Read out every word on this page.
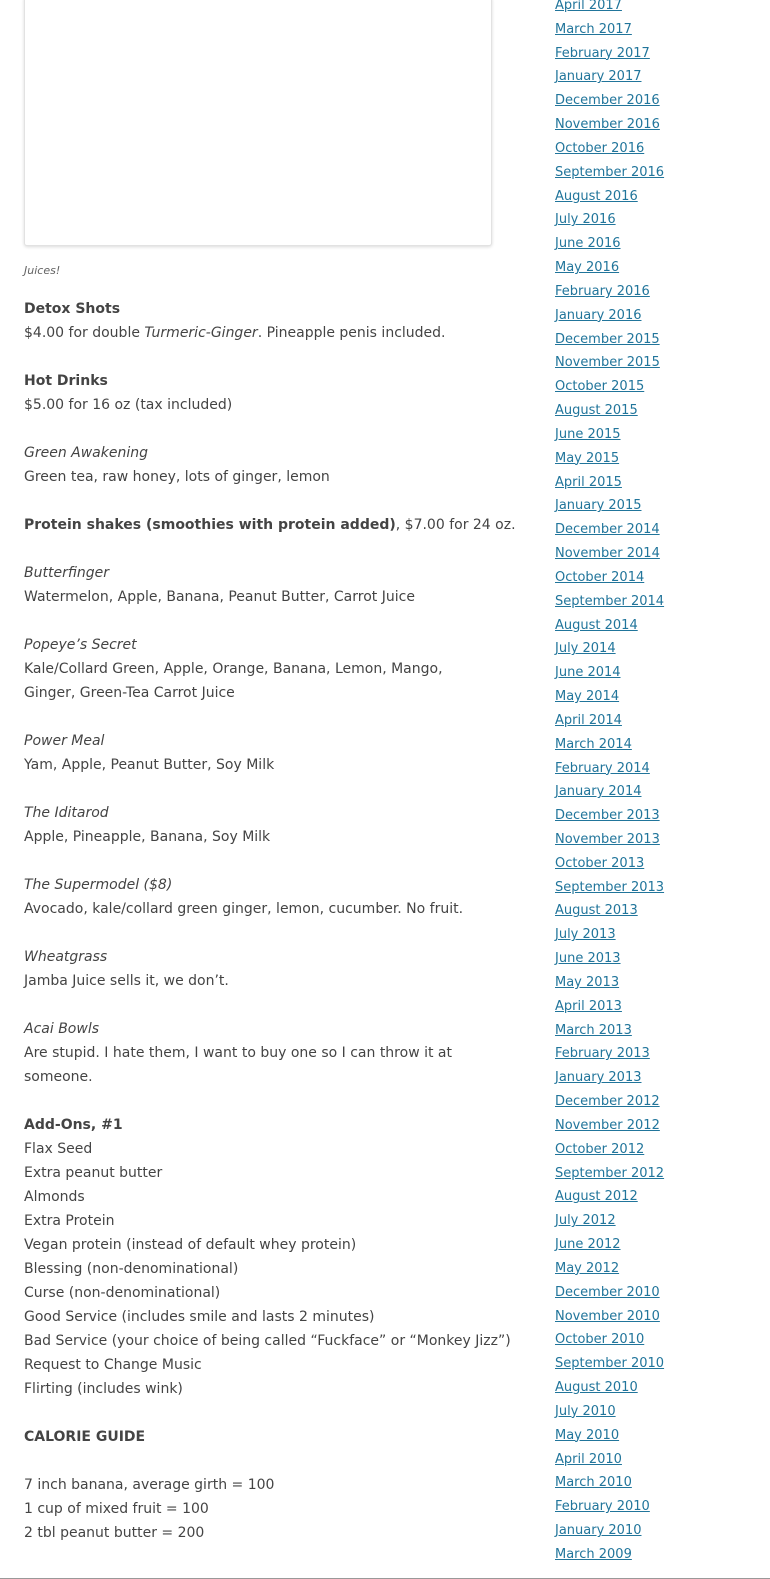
Juices!
Detox Shots
$4.00 for double Turmeric-Ginger. Pineapple penis included.
Hot Drinks
$5.00 for 16 oz (tax included)
Green Awakening
Green tea, raw honey, lots of ginger, lemon
Protein shakes (smoothies with protein added), $7.00 for 24 oz.
Butterfinger
Watermelon, Apple, Banana, Peanut Butter, Carrot Juice
Popeye’s Secret
Kale/Collard Green, Apple, Orange, Banana, Lemon, Mango, Ginger, Green-Tea Carrot Juice
Power Meal
Yam, Apple, Peanut Butter, Soy Milk
The Iditarod
Apple, Pineapple, Banana, Soy Milk
The Supermodel ($8)
Avocado, kale/collard green ginger, lemon, cucumber. No fruit.
Wheatgrass
Jamba Juice sells it, we don’t.
Acai Bowls
Are stupid. I hate them, I want to buy one so I can throw it at someone.
Add-Ons, #1
Flax Seed
Extra peanut butter
Almonds
Extra Protein
Vegan protein (instead of default whey protein)
Blessing (non-denominational)
Curse (non-denominational)
Good Service (includes smile and lasts 2 minutes)
Bad Service (your choice of being called “Fuckface” or “Monkey Jizz”)
Request to Change Music
Flirting (includes wink)
CALORIE GUIDE
7 inch banana, average girth = 100
1 cup of mixed fruit = 100
2 tbl peanut butter = 200
April 2017
March 2017
February 2017
January 2017
December 2016
November 2016
October 2016
September 2016
August 2016
July 2016
June 2016
May 2016
February 2016
January 2016
December 2015
November 2015
October 2015
August 2015
June 2015
May 2015
April 2015
January 2015
December 2014
November 2014
October 2014
September 2014
August 2014
July 2014
June 2014
May 2014
April 2014
March 2014
February 2014
January 2014
December 2013
November 2013
October 2013
September 2013
August 2013
July 2013
June 2013
May 2013
April 2013
March 2013
February 2013
January 2013
December 2012
November 2012
October 2012
September 2012
August 2012
July 2012
June 2012
May 2012
December 2010
November 2010
October 2010
September 2010
August 2010
July 2010
May 2010
April 2010
March 2010
February 2010
January 2010
March 2009
